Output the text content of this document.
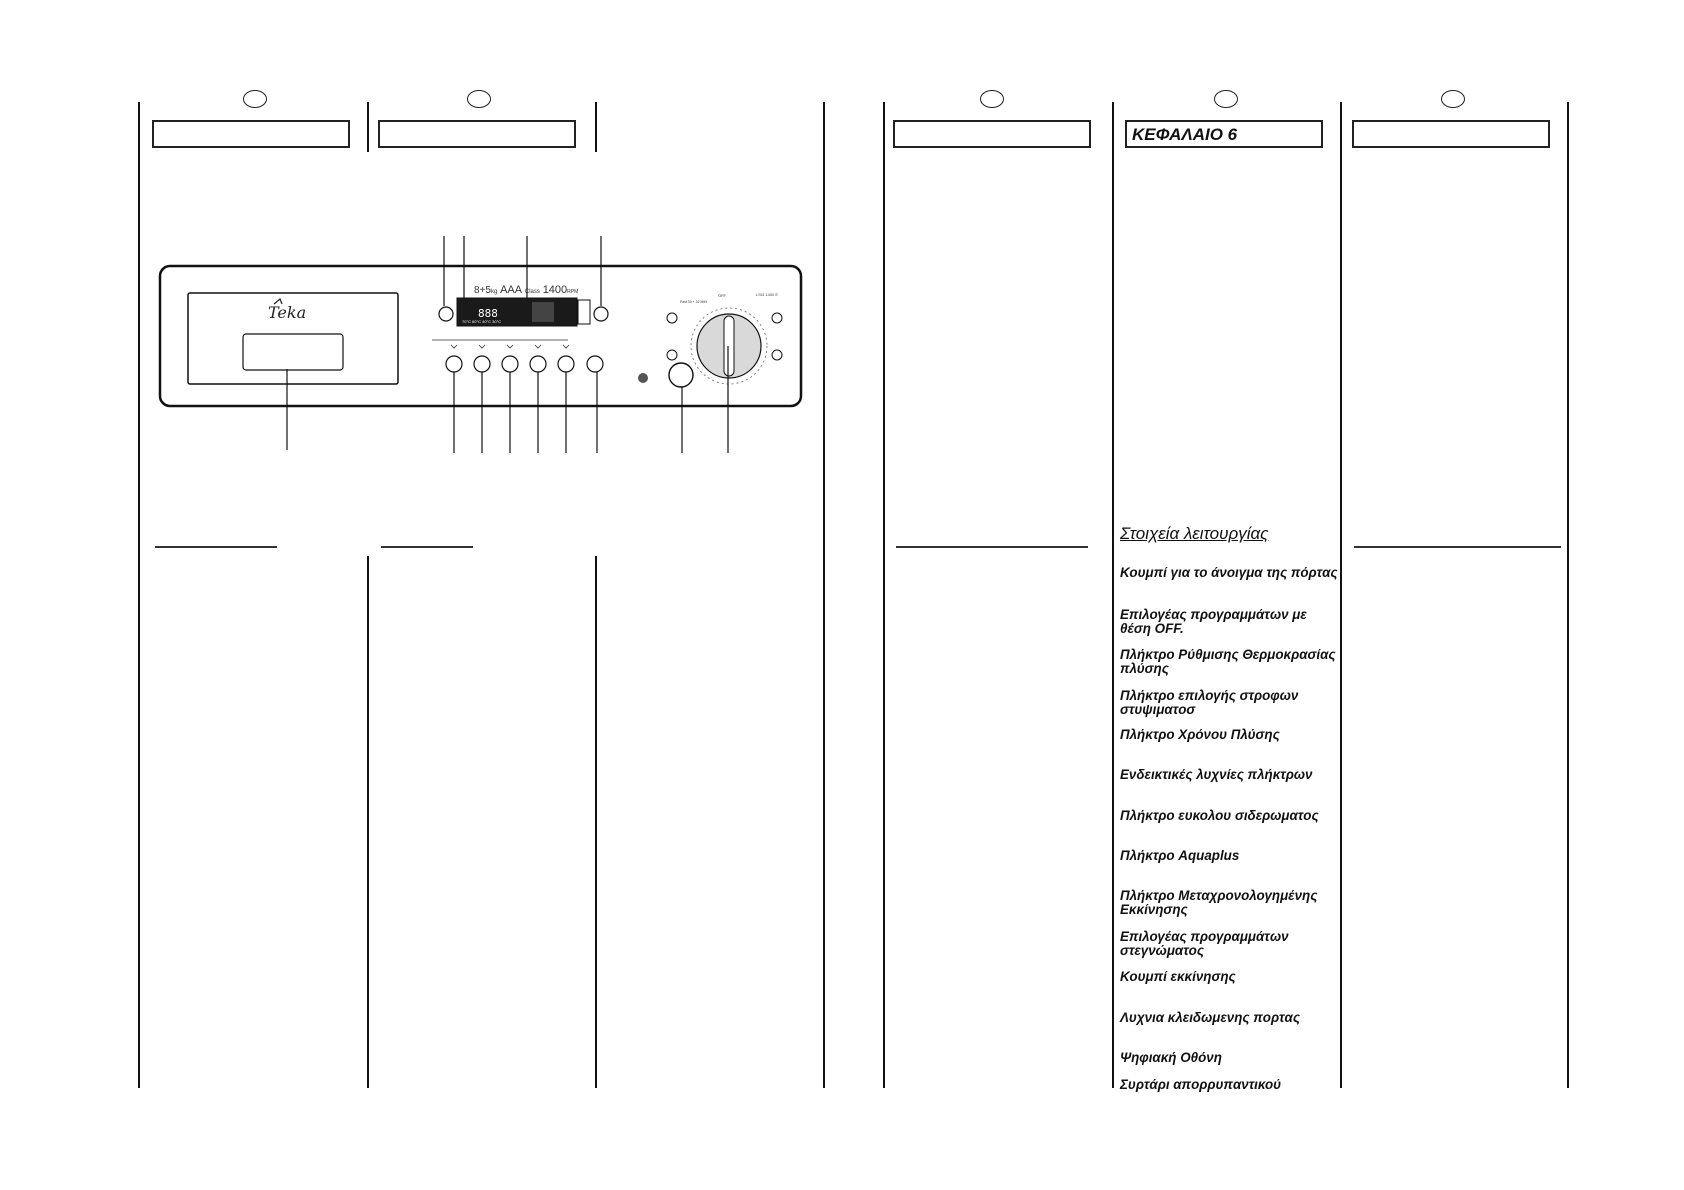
ΚΕΦΑΛΑΙΟ 6
Teka
8+5kg AAA Class 1400RPM	LSI4 1400 E
888
70°C 60°C 40°C 30°C
OFF
Fast 30 + 32 MIN
Στοιχεία λειτουργίας
Κουμπί για το άνοιγμα της πόρτας
Επιλογέας προγραμμάτων με θέση OFF.
Πλήκτρο Ρύθμισης Θερμοκρασίας πλύσης
Πλήκτρο επιλογής στροφων στυψιματοσ
Πλήκτρο Χρόνου Πλύσης
Ενδεικτικές λυχνίες πλήκτρων
Πλήκτρο ευκολου σιδερωματος
Πλήκτρο Aquaplus
Πλήκτρο Μεταχρονολογημένης Εκκίνησης
Επιλογέας προγραμμάτων στεγνώματος
Κουμπί εκκίνησης
Λυχνια κλειδωμενης πορτας
Ψηφιακή Οθόνη
Συρτάρι απορρυπαντικού
